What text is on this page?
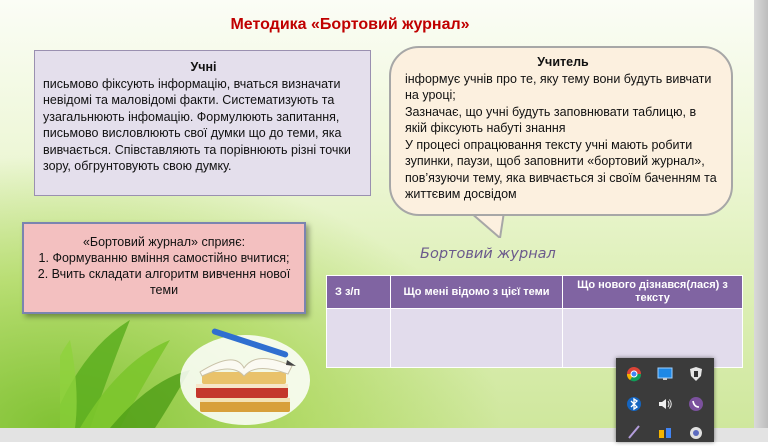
Методика «Бортовий журнал»
Учні
письмово фіксують інформацію, вчаться визначати невідомі та маловідомі факти. Систематизують та узагальнюють інфомацію. Формулюють запитання, письмово висловлюють свої думки що до теми, яка вивчається. Співставляють та порівнюють різні точки зору, обгрунтовують свою думку.
Учитель
інформує учнів про те, яку тему вони будуть вивчати на уроці;
Зазначає, що учні будуть заповнювати таблицю, в якій фіксують набуті знання
У процесі опрацювання тексту учні мають робити зупинки, паузи, щоб заповнити «бортовий журнал», пов’язуючи тему, яка вивчається зі своїм баченням та життєвим досвідом
«Бортовий журнал» сприяє:
1. Формуванню вміння самостійно вчитися;
2. Вчить складати алгоритм вивчення нової теми
Бортовий журнал
З з/п	Що мені відомо з цієї теми	Що нового дізнався(лася) з тексту
